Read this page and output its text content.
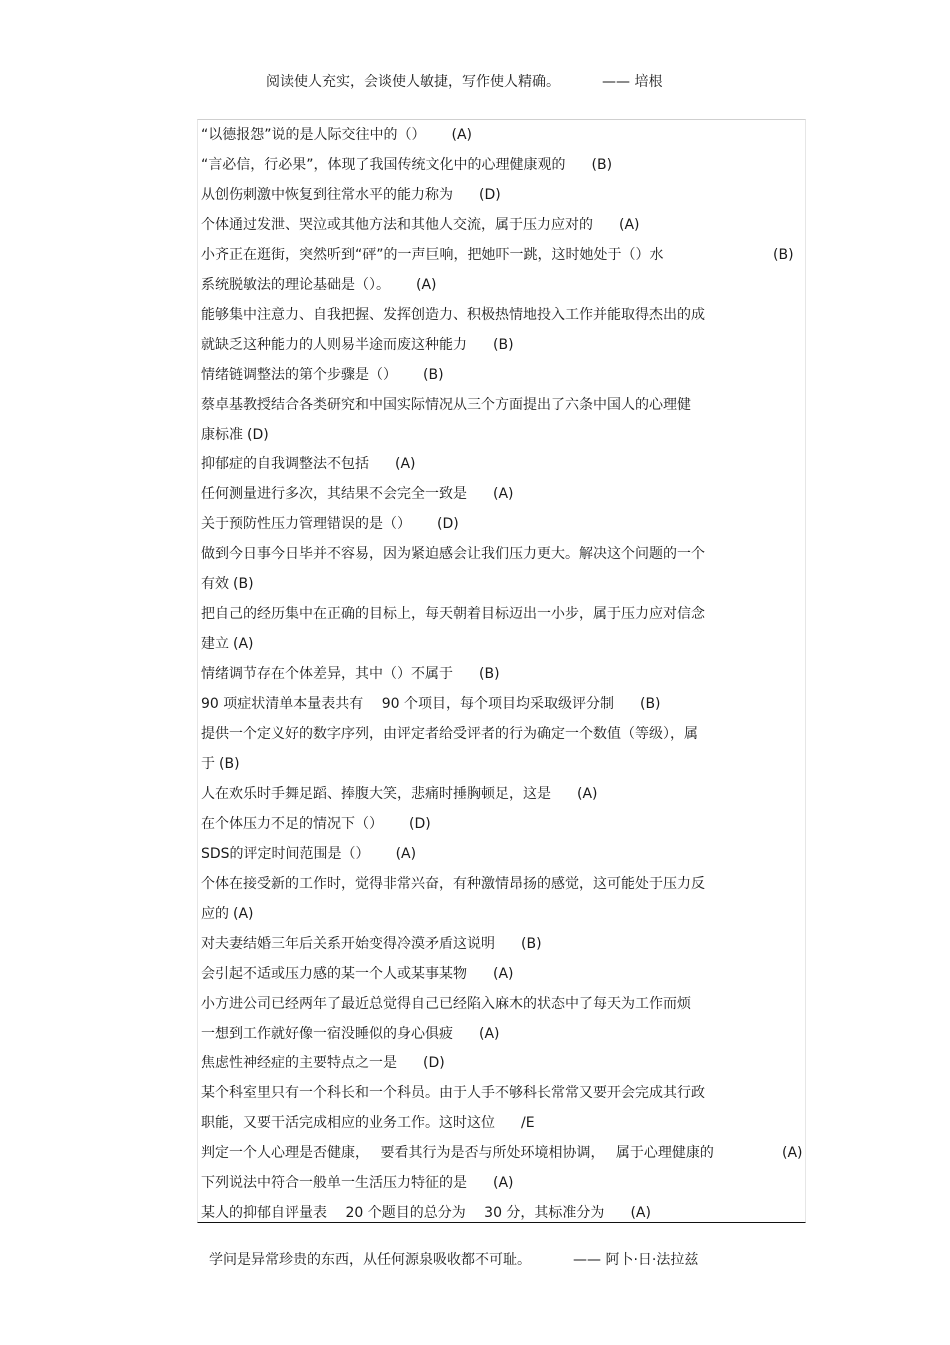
阅读使人充实，会谈使人敏捷，写作使人精确。	—— 培根
“以德报怨”说的是人际交往中的（） (A)
“言必信，行必果”，体现了我国传统文化中的心理健康观的 (B)
从创伤刺激中恢复到往常水平的能力称为 (D)
个体通过发泄、哭泣或其他方法和其他人交流，属于压力应对的 (A)
小齐正在逛街，突然听到“砰”的一声巨响，把她吓一跳，这时她处于（）水	(B)
系统脱敏法的理论基础是（）。 (A)
能够集中注意力、自我把握、发挥创造力、积极热情地投入工作并能取得杰出的成
就缺乏这种能力的人则易半途而废这种能力 (B)
情绪链调整法的第个步骤是（） (B)
蔡卓基教授结合各类研究和中国实际情况从三个方面提出了六条中国人的心理健
康标准 (D)
抑郁症的自我调整法不包括 (A)
任何测量进行多次，其结果不会完全一致是 (A)
关于预防性压力管理错误的是（） (D)
做到今日事今日毕并不容易，因为紧迫感会让我们压力更大。解决这个问题的一个
有效 (B)
把自己的经历集中在正确的目标上，每天朝着目标迈出一小步，属于压力应对信念
建立 (A)
情绪调节存在个体差异，其中（）不属于 (B)
90 项症状清单本量表共有　 90 个项目，每个项目均采取级评分制 (B)
提供一个定义好的数字序列，由评定者给受评者的行为确定一个数值（等级），属
于 (B)
人在欢乐时手舞足蹈、捧腹大笑，悲痛时捶胸顿足，这是 (A)
在个体压力不足的情况下（） (D)
SDS的评定时间范围是（） (A)
个体在接受新的工作时，觉得非常兴奋，有种激情昂扬的感觉，这可能处于压力反
应的 (A)
对夫妻结婚三年后关系开始变得冷漠矛盾这说明 (B)
会引起不适或压力感的某一个人或某事某物 (A)
小方进公司已经两年了最近总觉得自己已经陷入麻木的状态中了每天为工作而烦
一想到工作就好像一宿没睡似的身心俱疲 (A)
焦虑性神经症的主要特点之一是 (D)
某个科室里只有一个科长和一个科员。由于人手不够科长常常又要开会完成其行政
职能，又要干活完成相应的业务工作。这时这位 /E
判定一个人心理是否健康，　 要看其行为是否与所处环境相协调，　 属于心理健康的	(A)
下列说法中符合一般单一生活压力特征的是 (A)
某人的抑郁自评量表　 20 个题目的总分为　 30 分，其标准分为 (A)
学问是异常珍贵的东西，从任何源泉吸收都不可耻。	—— 阿卜·日·法拉兹
